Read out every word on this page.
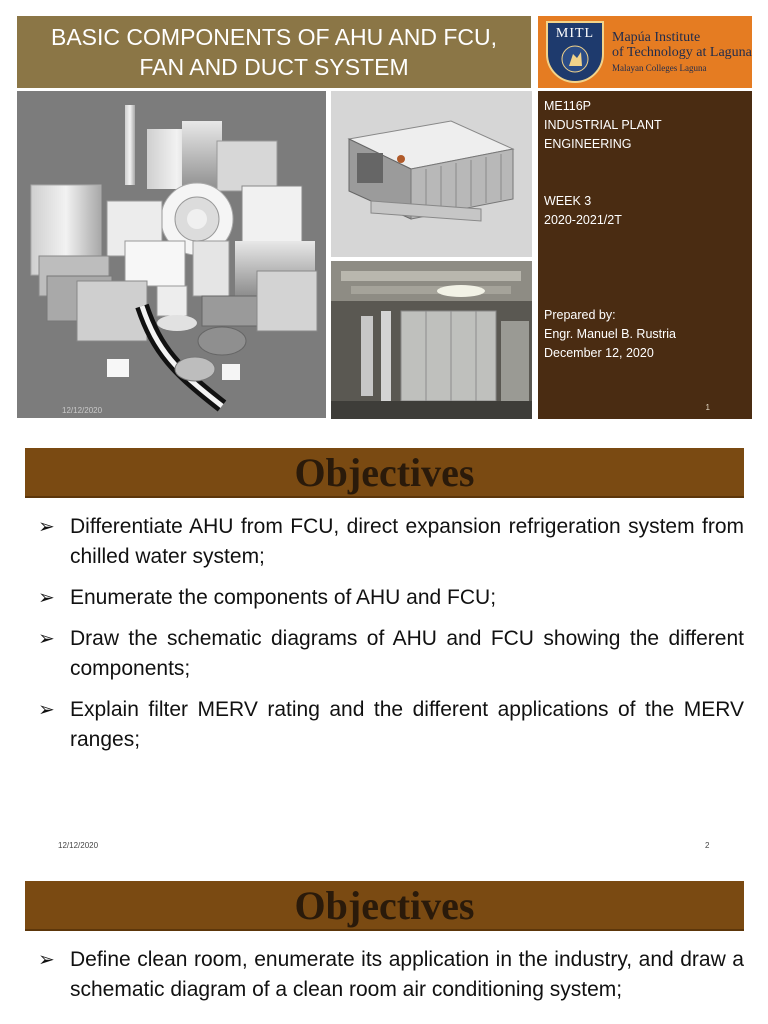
BASIC COMPONENTS OF AHU AND FCU, FAN AND DUCT SYSTEM
MITL Mapúa Institute
of Technology at Laguna
Malayan Colleges Laguna
ME116P
INDUSTRIAL PLANT
ENGINEERING
WEEK 3
2020-2021/2T
Prepared by:
Engr. Manuel B. Rustria
December 12, 2020
1
12/12/2020
Objectives
➢ Differentiate AHU from FCU, direct expansion refrigeration system from chilled water system;
➢ Enumerate the components of AHU and FCU;
➢ Draw the schematic diagrams of AHU and FCU showing the different components;
➢ Explain filter MERV rating and the different applications of the MERV ranges;
12/12/2020	2
Objectives
➢ Define clean room, enumerate its application in the industry, and draw a schematic diagram of a clean room air conditioning system;
